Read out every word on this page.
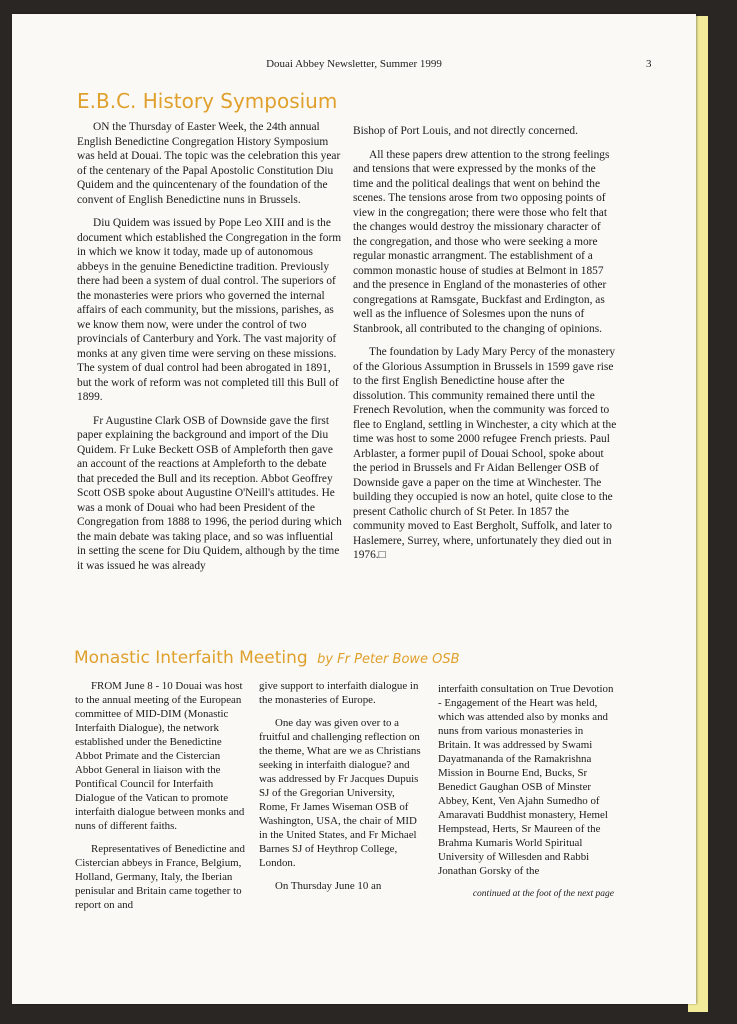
Douai Abbey Newsletter, Summer 1999	3
E.B.C. History Symposium

ON the Thursday of Easter Week, the 24th annual English Benedictine Congregation History Symposium was held at Douai. The topic was the celebration this year of the centenary of the Papal Apostolic Constitution Diu Quidem and the quincentenary of the foundation of the convent of English Benedictine nuns in Brussels.

Diu Quidem was issued by Pope Leo XIII and is the document which established the Congregation in the form in which we know it today, made up of autonomous abbeys in the genuine Benedictine tradition. Previously there had been a system of dual control. The superiors of the monasteries were priors who governed the internal affairs of each community, but the missions, parishes, as we know them now, were under the control of two provincials of Canterbury and York. The vast majority of monks at any given time were serving on these missions. The system of dual control had been abrogated in 1891, but the work of reform was not completed till this Bull of 1899.

Fr Augustine Clark OSB of Downside gave the first paper explaining the background and import of the Diu Quidem. Fr Luke Beckett OSB of Ampleforth then gave an account of the reactions at Ampleforth to the debate that preceded the Bull and its reception. Abbot Geoffrey Scott OSB spoke about Augustine O'Neill's attitudes. He was a monk of Douai who had been President of the Congregation from 1888 to 1996, the period during which the main debate was taking place, and so was influential in setting the scene for Diu Quidem, although by the time it was issued he was already

Bishop of Port Louis, and not directly concerned.

All these papers drew attention to the strong feelings and tensions that were expressed by the monks of the time and the political dealings that went on behind the scenes. The tensions arose from two opposing points of view in the congregation; there were those who felt that the changes would destroy the missionary character of the congregation, and those who were seeking a more regular monastic arrangment. The establishment of a common monastic house of studies at Belmont in 1857 and the presence in England of the monasteries of other congregations at Ramsgate, Buckfast and Erdington, as well as the influence of Solesmes upon the nuns of Stanbrook, all contributed to the changing of opinions.

The foundation by Lady Mary Percy of the monastery of the Glorious Assumption in Brussels in 1599 gave rise to the first English Benedictine house after the dissolution. This community remained there until the Frenech Revolution, when the community was forced to flee to England, settling in Winchester, a city which at the time was host to some 2000 refugee French priests. Paul Arblaster, a former pupil of Douai School, spoke about the period in Brussels and Fr Aidan Bellenger OSB of Downside gave a paper on the time at Winchester. The building they occupied is now an hotel, quite close to the present Catholic church of St Peter. In 1857 the community moved to East Bergholt, Suffolk, and later to Haslemere, Surrey, where, unfortunately they died out in 1976.□

Monastic Interfaith Meeting by Fr Peter Bowe OSB

FROM June 8 - 10 Douai was host to the annual meeting of the European committee of MID-DIM (Monastic Interfaith Dialogue), the network established under the Benedictine Abbot Primate and the Cistercian Abbot General in liaison with the Pontifical Council for Interfaith Dialogue of the Vatican to promote interfaith dialogue between monks and nuns of different faiths.

Representatives of Benedictine and Cistercian abbeys in France, Belgium, Holland, Germany, Italy, the Iberian penisular and Britain came together to report on and

give support to interfaith dialogue in the monasteries of Europe.

One day was given over to a fruitful and challenging reflection on the theme, What are we as Christians seeking in interfaith dialogue? and was addressed by Fr Jacques Dupuis SJ of the Gregorian University, Rome, Fr James Wiseman OSB of Washington, USA, the chair of MID in the United States, and Fr Michael Barnes SJ of Heythrop College, London.

On Thursday June 10 an

interfaith consultation on True Devotion - Engagement of the Heart was held, which was attended also by monks and nuns from various monasteries in Britain. It was addressed by Swami Dayatmananda of the Ramakrishna Mission in Bourne End, Bucks, Sr Benedict Gaughan OSB of Minster Abbey, Kent, Ven Ajahn Sumedho of Amaravati Buddhist monastery, Hemel Hempstead, Herts, Sr Maureen of the Brahma Kumaris World Spiritual University of Willesden and Rabbi Jonathan Gorsky of the

continued at the foot of the next page
